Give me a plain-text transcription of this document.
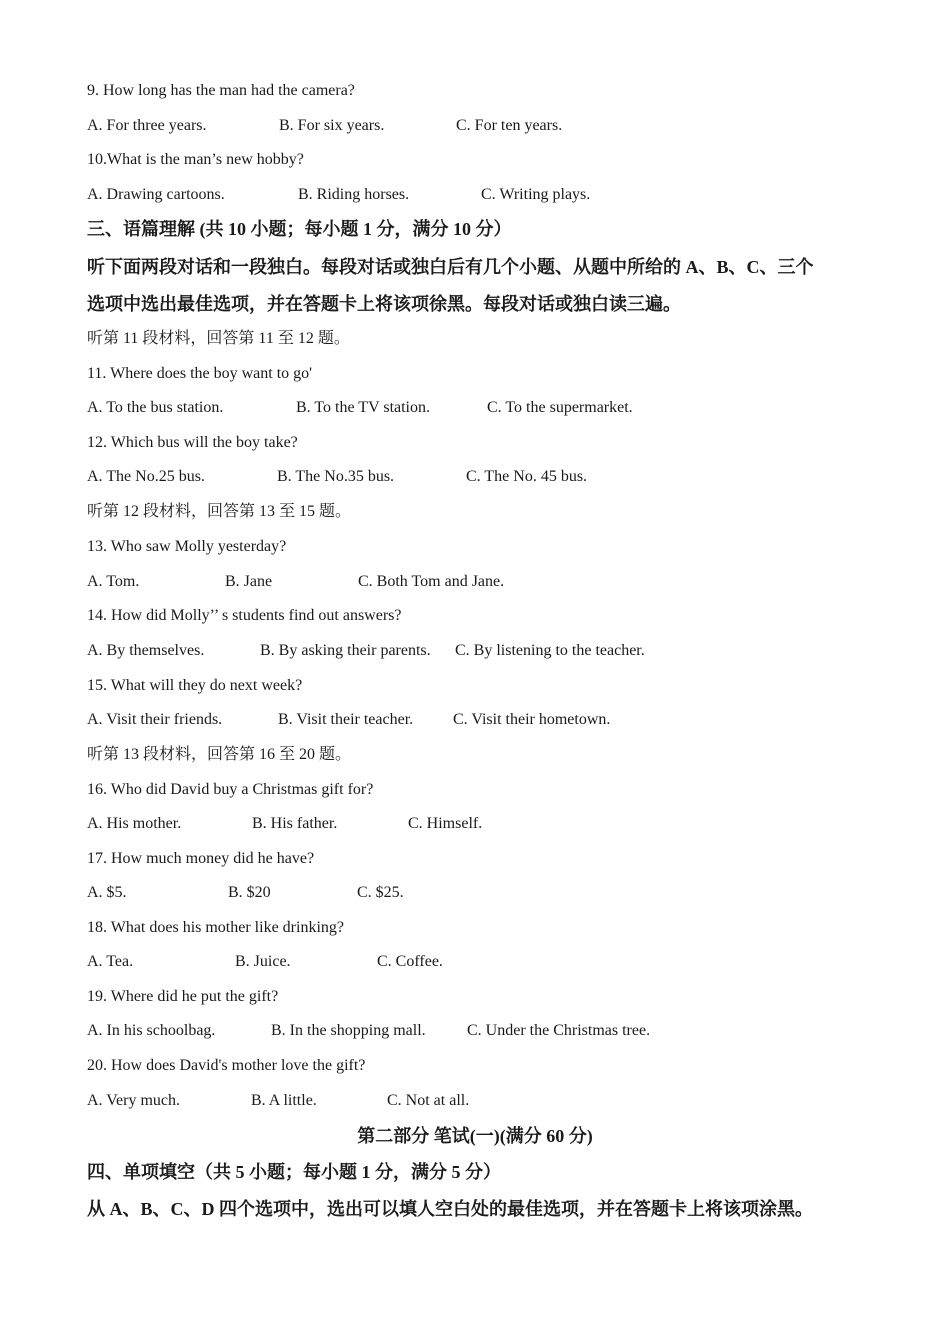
9. How long has the man had the camera?
A. For three years.	B. For six years.	C. For ten years.
10.What is the man’s new hobby?
A. Drawing cartoons.	B. Riding horses.	C. Writing plays.
三、语篇理解 (共 10 小题；每小题 1 分，满分 10 分）
听下面两段对话和一段独白。每段对话或独白后有几个小题、从题中所给的 A、B、C、三个
选项中选出最佳选项，并在答题卡上将该项徐黑。每段对话或独白读三遍。
听第 11 段材料，回答第 11 至 12 题。
11. Where does the boy want to go'
A. To the bus station.	B. To the TV station.	C. To the supermarket.
12. Which bus will the boy take?
A. The No.25 bus.	B. The No.35 bus.	C. The No. 45 bus.
听第 12 段材料，回答第 13 至 15 题。
13. Who saw Molly yesterday?
A. Tom.	B. Jane	C. Both Tom and Jane.
14. How did Molly’’ s students find out answers?
A. By themselves.	B. By asking their parents. C. By listening to the teacher.
15. What will they do next week?
A. Visit their friends.	B. Visit their teacher. C. Visit their hometown.
听第 13 段材料，回答第 16 至 20 题。
16. Who did David buy a Christmas gift for?
A. His mother.	B. His father.	C. Himself.
17. How much money did he have?
A. $5.	B. $20	C. $25.
18. What does his mother like drinking?
A. Tea.	B. Juice.	C. Coffee.
19. Where did he put the gift?
A. In his schoolbag.	B. In the shopping mall.	C. Under the Christmas tree.
20. How does David's mother love the gift?
A. Very much.	B. A little.	C. Not at all.
第二部分 笔试(一)(满分 60 分)
四、单项填空（共 5 小题；每小题 1 分，满分 5 分）
从 A、B、C、D 四个选项中，选出可以填人空白处的最佳选项，并在答题卡上将该项涂黑。
